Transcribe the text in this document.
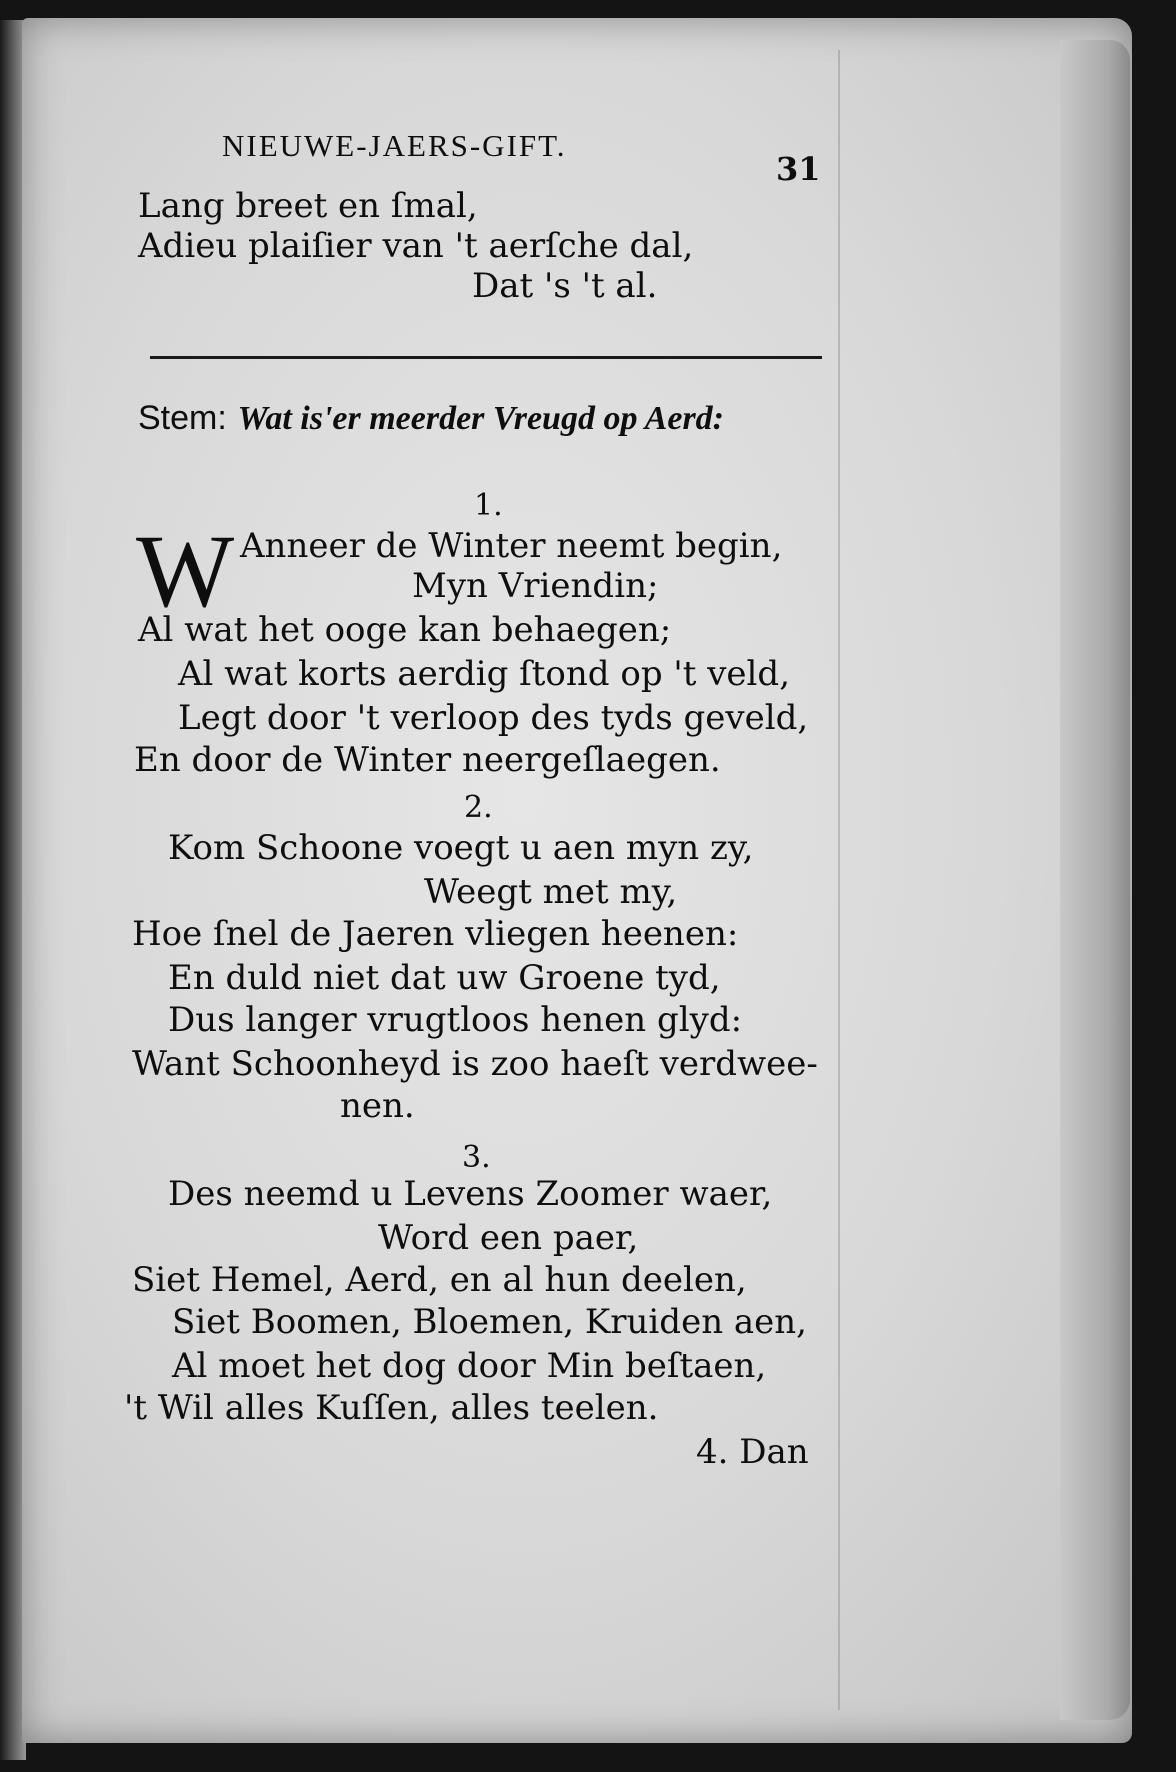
NIEUWE-JAERS-GIFT.
31
Lang breet en ſmal,
Adieu plaiſier van 't aerſche dal,
Dat 's 't al.
Stem: Wat is'er meerder Vreugd op Aerd:
1.
W Anneer de Winter neemt begin,
Myn Vriendin;
Al wat het ooge kan behaegen;
Al wat korts aerdig ſtond op 't veld,
Legt door 't verloop des tyds geveld,
En door de Winter neergeſlaegen.
2.
Kom Schoone voegt u aen myn zy,
Weegt met my,
Hoe ſnel de Jaeren vliegen heenen:
En duld niet dat uw Groene tyd,
Dus langer vrugtloos henen glyd:
Want Schoonheyd is zoo haeſt verdwee-
nen.
3.
Des neemd u Levens Zoomer waer,
Word een paer,
Siet Hemel, Aerd, en al hun deelen,
Siet Boomen, Bloemen, Kruiden aen,
Al moet het dog door Min beſtaen,
't Wil alles Kuſſen, alles teelen.
4. Dan
